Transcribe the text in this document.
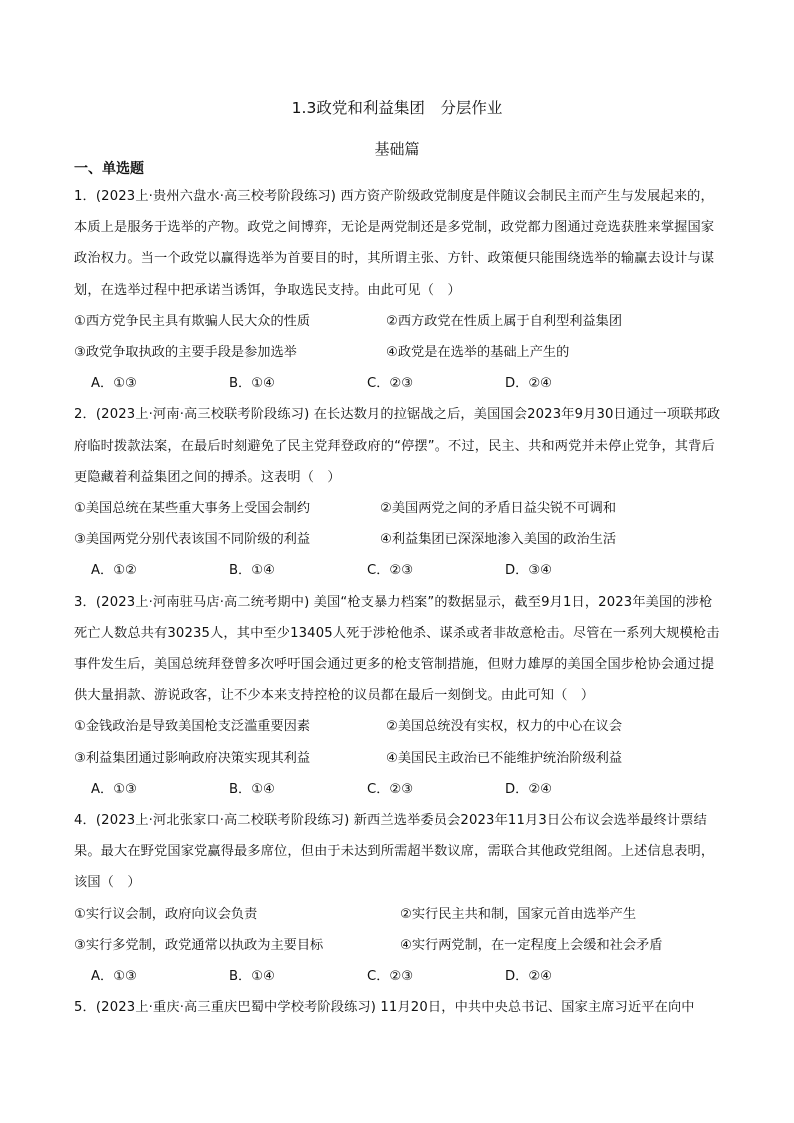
1.3政党和利益集团　分层作业
基础篇
一、单选题
1．(2023上·贵州六盘水·高三校考阶段练习) 西方资产阶级政党制度是伴随议会制民主而产生与发展起来的，本质上是服务于选举的产物。政党之间博弈，无论是两党制还是多党制，政党都力图通过竞选获胜来掌握国家政治权力。当一个政党以赢得选举为首要目的时，其所谓主张、方针、政策便只能围绕选举的输赢去设计与谋划，在选举过程中把承诺当诱饵，争取选民支持。由此可见（　）
①西方党争民主具有欺骗人民大众的性质	②西方政党在性质上属于自利型利益集团
③政党争取执政的主要手段是参加选举	④政党是在选举的基础上产生的
A．①③	B．①④	C．②③	D．②④
2．(2023上·河南·高三校联考阶段练习) 在长达数月的拉锯战之后，美国国会2023年9月30日通过一项联邦政府临时拨款法案，在最后时刻避免了民主党拜登政府的“停摆”。不过，民主、共和两党并未停止党争，其背后更隐藏着利益集团之间的搏杀。这表明（　）
①美国总统在某些重大事务上受国会制约	②美国两党之间的矛盾日益尖锐不可调和
③美国两党分别代表该国不同阶级的利益	④利益集团已深深地渗入美国的政治生活
A．①②	B．①④	C．②③	D．③④
3．(2023上·河南驻马店·高二统考期中) 美国“枪支暴力档案”的数据显示，截至9月1日，2023年美国的涉枪死亡人数总共有30235人，其中至少13405人死于涉枪他杀、谋杀或者非故意枪击。尽管在一系列大规模枪击事件发生后，美国总统拜登曾多次呼吁国会通过更多的枪支管制措施，但财力雄厚的美国全国步枪协会通过提供大量捐款、游说政客，让不少本来支持控枪的议员都在最后一刻倒戈。由此可知（　）
①金钱政治是导致美国枪支泛滥重要因素	②美国总统没有实权，权力的中心在议会
③利益集团通过影响政府决策实现其利益	④美国民主政治已不能维护统治阶级利益
A．①③	B．①④	C．②③	D．②④
4．(2023上·河北张家口·高二校联考阶段练习) 新西兰选举委员会2023年11月3日公布议会选举最终计票结果。最大在野党国家党赢得最多席位，但由于未达到所需超半数议席，需联合其他政党组阁。上述信息表明，该国（　）
①实行议会制，政府向议会负责	②实行民主共和制，国家元首由选举产生
③实行多党制，政党通常以执政为主要目标	④实行两党制，在一定程度上会缓和社会矛盾
A．①③	B．①④	C．②③	D．②④
5．(2023上·重庆·高三重庆巴蜀中学校考阶段练习) 11月20日，中共中央总书记、国家主席习近平在向中
